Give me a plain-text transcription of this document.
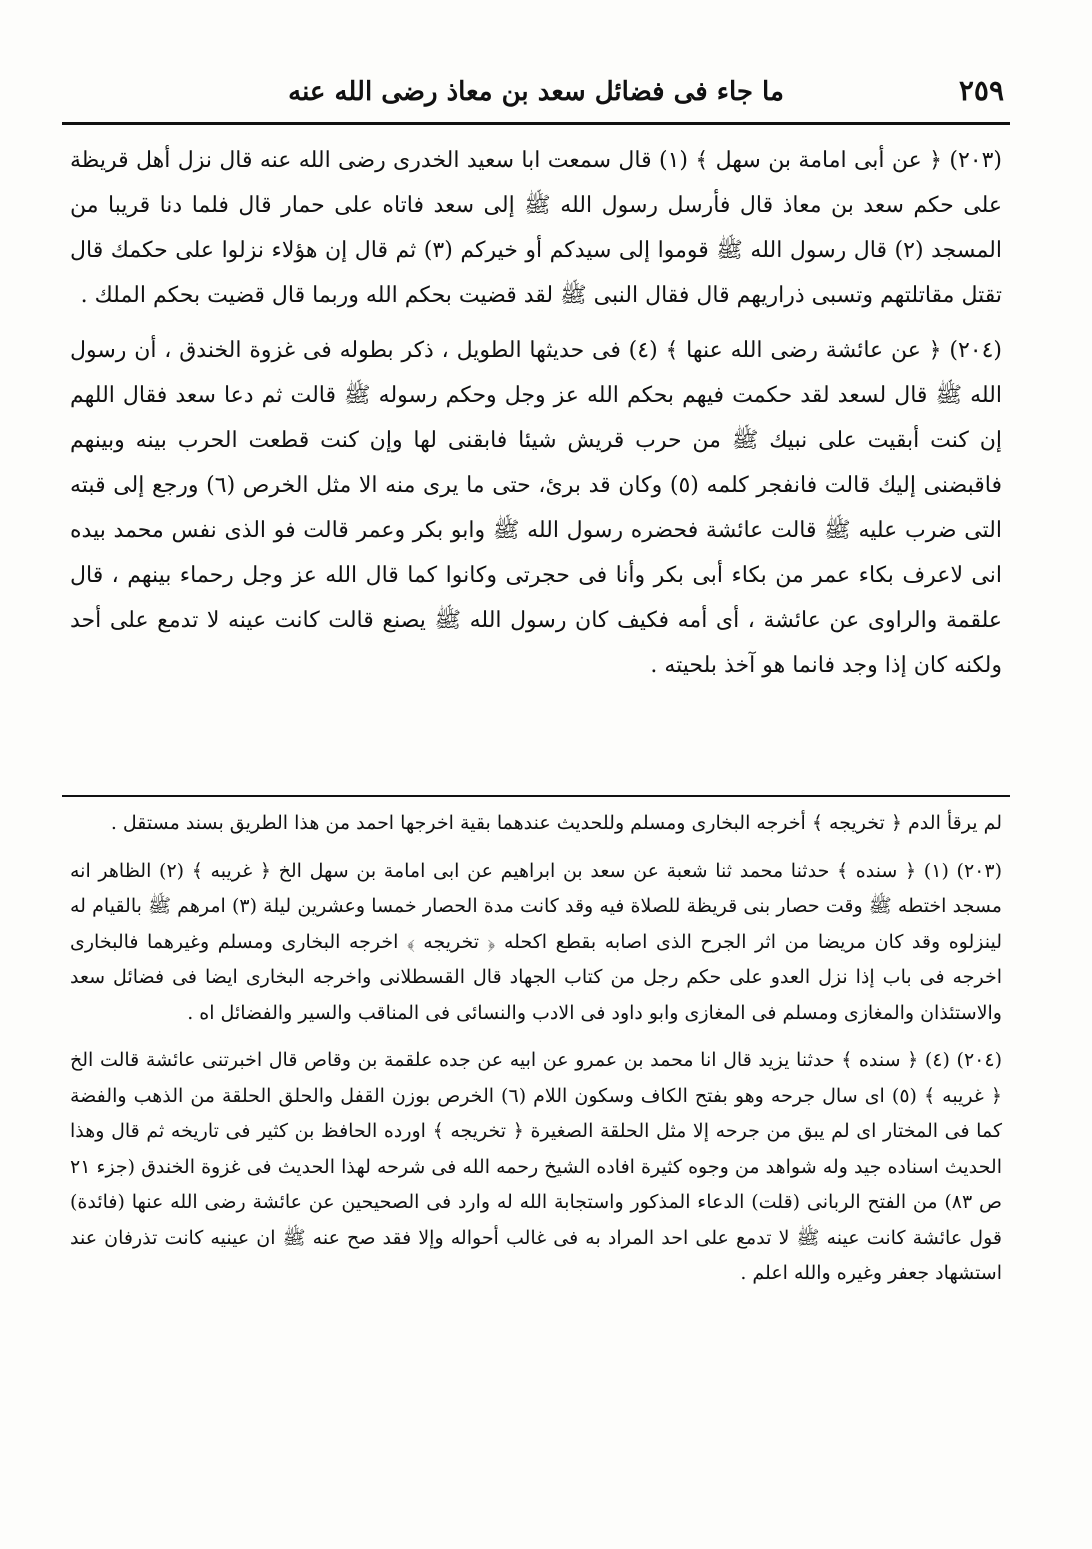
٢٥٩
ما جاء فى فضائل سعد بن معاذ رضى الله عنه

(٢٠٣) ﴿ عن أبى امامة بن سهل ﴾ (١) قال سمعت ابا سعيد الخدرى رضى الله عنه قال نزل أهل قريظة على حكم سعد بن معاذ قال فأرسل رسول الله ﷺ إلى سعد فاتاه على حمار قال فلما دنا قريبا من المسجد (٢) قال رسول الله ﷺ قوموا إلى سيدكم أو خيركم (٣) ثم قال إن هؤلاء نزلوا على حكمك قال تقتل مقاتلتهم وتسبى ذراريهم قال فقال النبى ﷺ لقد قضيت بحكم الله وربما قال قضيت بحكم الملك .

(٢٠٤) ﴿ عن عائشة رضى الله عنها ﴾ (٤) فى حديثها الطويل ، ذكر بطوله فى غزوة الخندق ، أن رسول الله ﷺ قال لسعد لقد حكمت فيهم بحكم الله عز وجل وحكم رسوله ﷺ قالت ثم دعا سعد فقال اللهم إن كنت أبقيت على نبيك ﷺ من حرب قريش شيئا فابقنى لها وإن كنت قطعت الحرب بينه وبينهم فاقبضنى إليك قالت فانفجر كلمه (٥) وكان قد برئ، حتى ما يرى منه الا مثل الخرص (٦) ورجع إلى قبته التى ضرب عليه ﷺ قالت عائشة فحضره رسول الله ﷺ وابو بكر وعمر قالت فو الذى نفس محمد بيده انى لاعرف بكاء عمر من بكاء أبى بكر وأنا فى حجرتى وكانوا كما قال الله عز وجل رحماء بينهم ، قال علقمة والراوى عن عائشة ، أى أمه فكيف كان رسول الله ﷺ يصنع قالت كانت عينه لا تدمع على أحد ولكنه كان إذا وجد فانما هو آخذ بلحيته .

لم يرقأ الدم ﴿ تخريجه ﴾ أخرجه البخارى ومسلم وللحديث عندهما بقية اخرجها احمد من هذا الطريق بسند مستقل .

(٢٠٣) (١) ﴿ سنده ﴾ حدثنا محمد ثنا شعبة عن سعد بن ابراهيم عن ابى امامة بن سهل الخ ﴿ غريبه ﴾ (٢) الظاهر انه مسجد اختطه ﷺ وقت حصار بنى قريظة للصلاة فيه وقد كانت مدة الحصار خمسا وعشرين ليلة (٣) امرهم ﷺ بالقيام له لينزلوه وقد كان مريضا من اثر الجرح الذى اصابه بقطع اكحله ﴿ تخريجه ﴾ اخرجه البخارى ومسلم وغيرهما فالبخارى اخرجه فى باب إذا نزل العدو على حكم رجل من كتاب الجهاد قال القسطلانى واخرجه البخارى ايضا فى فضائل سعد والاستئذان والمغازى ومسلم فى المغازى وابو داود فى الادب والنسائى فى المناقب والسير والفضائل اه .

(٢٠٤) (٤) ﴿ سنده ﴾ حدثنا يزيد قال انا محمد بن عمرو عن ابيه عن جده علقمة بن وقاص قال اخبرتنى عائشة قالت الخ ﴿ غريبه ﴾ (٥) اى سال جرحه وهو بفتح الكاف وسكون اللام (٦) الخرص بوزن القفل والحلق الحلقة من الذهب والفضة كما فى المختار اى لم يبق من جرحه إلا مثل الحلقة الصغيرة ﴿ تخريجه ﴾ اورده الحافظ بن كثير فى تاريخه ثم قال وهذا الحديث اسناده جيد وله شواهد من وجوه كثيرة افاده الشيخ رحمه الله فى شرحه لهذا الحديث فى غزوة الخندق (جزء ٢١ ص ٨٣) من الفتح الربانى (قلت) الدعاء المذكور واستجابة الله له وارد فى الصحيحين عن عائشة رضى الله عنها (فائدة) قول عائشة كانت عينه ﷺ لا تدمع على احد المراد به فى غالب أحواله وإلا فقد صح عنه ﷺ ان عينيه كانت تذرفان عند استشهاد جعفر وغيره والله اعلم .
